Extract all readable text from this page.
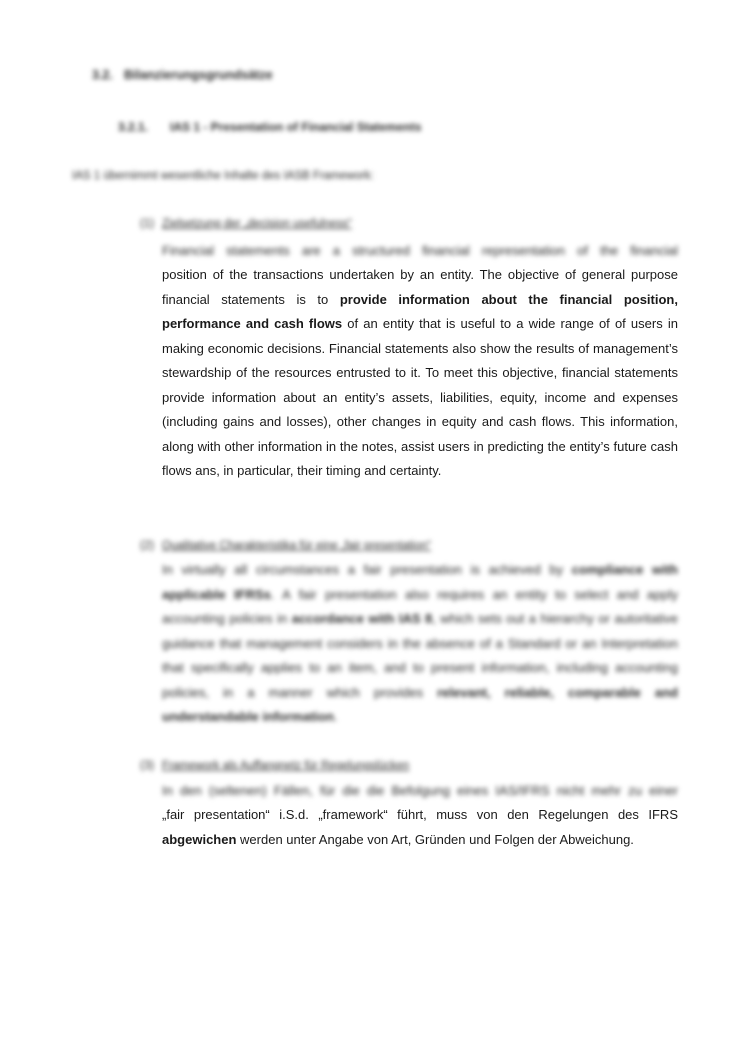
3.2. Bilanzierungsgrundsätze
3.2.1. IAS 1 - Presentation of Financial Statements
IAS 1 übernimmt wesentliche Inhalte des IASB Framework:
(1) Zielsetzung der „decision usefulness“
Financial statements are a structured financial representation of the financial
position of the transactions undertaken by an entity. The objective of general purpose financial statements is to provide information about the financial position, performance and cash flows of an entity that is useful to a wide range of of users in making economic decisions. Financial statements also show the results of management’s stewardship of the resources entrusted to it. To meet this objective, financial statements provide information about an entity’s assets, liabilities, equity, income and expenses (including gains and losses), other changes in equity and cash flows. This information, along with other information in the notes, assist users in predicting the entity’s future cash flows ans, in particular, their timing and certainty.
(2) Qualitative Charakteristika für eine „fair presentation“
In virtually all circumstances a fair presentation is achieved by compliance with applicable IFRSs. A fair presentation also requires an entity to select and apply accounting policies in accordance with IAS 8, which sets out a hierarchy or autoritative guidance that management considers in the absence of a Standard or an Interpretation that specifically applies to an item, and to present information, including accounting policies, in a manner which provides relevant, reliable, comparable and understandable information.
(3) Framework als Auffangnetz für Regelungslücken
In den (seltenen) Fällen, für die die Befolgung eines IAS/IFRS nicht mehr zu einer
„fair presentation“ i.S.d. „framework“ führt, muss von den Regelungen des IFRS abgewichen werden unter Angabe von Art, Gründen und Folgen der Abweichung.
